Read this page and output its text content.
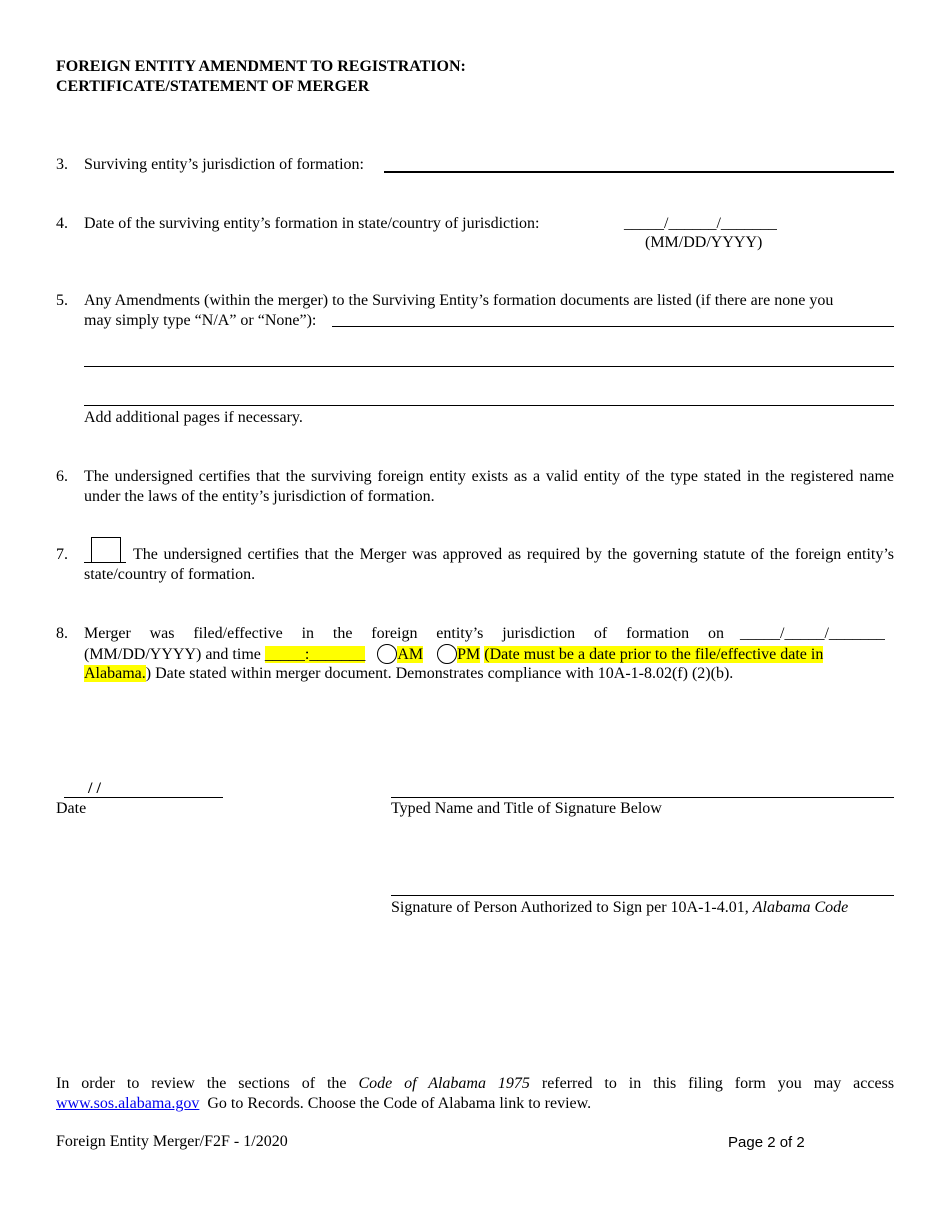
FOREIGN ENTITY AMENDMENT TO REGISTRATION:
CERTIFICATE/STATEMENT OF MERGER
3.	Surviving entity’s jurisdiction of formation:
4.	Date of the surviving entity’s formation in state/country of jurisdiction:	_____/______/_______
(MM/DD/YYYY)
5.	Any Amendments (within the merger) to the Surviving Entity’s formation documents are listed (if there are none you
may simply type “N/A” or “None”):
Add additional pages if necessary.
6.	The undersigned certifies that the surviving foreign entity exists as a valid entity of the type stated in the registered name under the laws of the entity’s jurisdiction of formation.
7.	The undersigned certifies that the Merger was approved as required by the governing statute of the foreign entity’s state/country of formation.
8.	Merger was filed/effective in the foreign entity’s jurisdiction of formation on _____/_____/_______
(MM/DD/YYYY) and time _____:_______ AM PM (Date must be a date prior to the file/effective date in
Alabama.) Date stated within merger document. Demonstrates compliance with 10A-1-8.02(f) (2)(b).
/ /
Date	Typed Name and Title of Signature Below
Signature of Person Authorized to Sign per 10A-1-4.01, Alabama Code
In order to review the sections of the Code of Alabama 1975 referred to in this filing form you may access
www.sos.alabama.gov Go to Records. Choose the Code of Alabama link to review.
Foreign Entity Merger/F2F - 1/2020	Page 2 of 2
